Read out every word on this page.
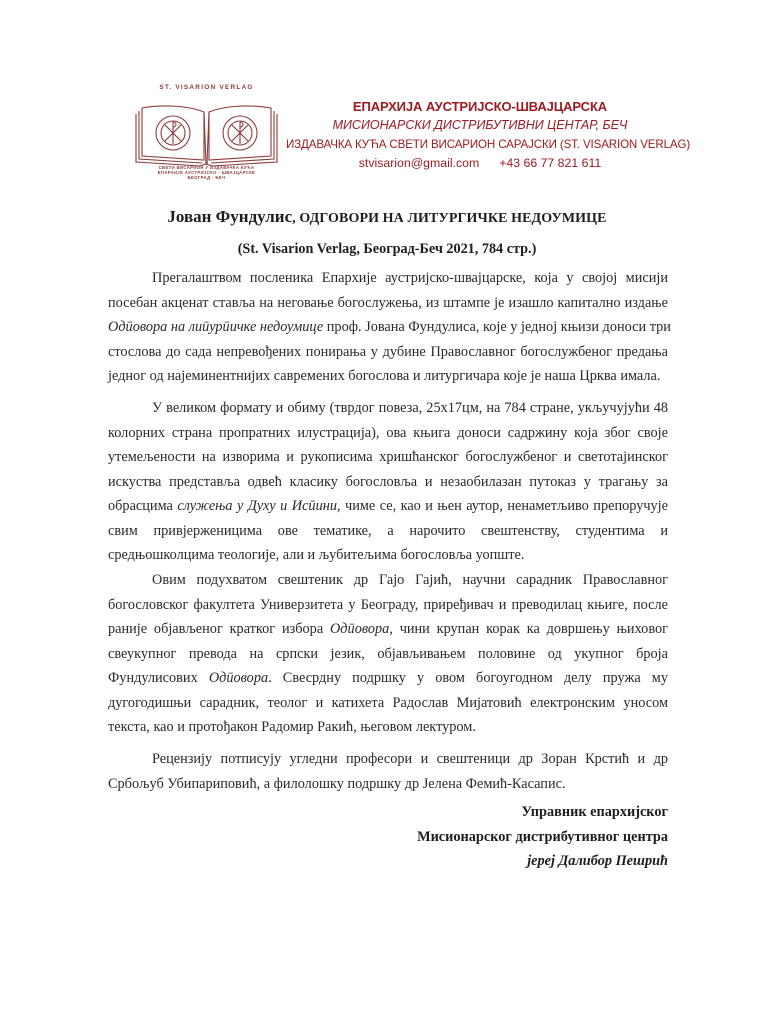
ST. VISARION VERLAG
СВЕТИ ВИСАРИОН У ИЗДАВАЧКА КУЋА
ЕПАРХИЈЕ АУСТРИЈСКО - ШВАЈЦАРСКЕ
БЕОГРАД - БЕЧ
ЕПАРХИЈА АУСТРИЈСКО-ШВАЈЦАРСКА
МИСИОНАРСКИ ДИСТРИБУТИВНИ ЦЕНТАР, БЕЧ
ИЗДАВАЧКА КУЋА СВЕТИ ВИСАРИОН САРАЈСКИ (ST. VISARION VERLAG)
stvisarion@gmail.com +43 66 77 821 611
Јован Фундулис, ОДГОВОРИ НА ЛИТУРГИЧКЕ НЕДОУМИЦЕ
(St. Visarion Verlag, Београд-Беч 2021, 784 стр.)
Прегалаштвом посленика Епархије аустријско-швајцарске, која у својој мисији
посебан акценат ставља на неговање богослужења, из штампе је изашло капитално издање
Одӣовора на лиӣурӣичке недоумице проф. Јована Фундулиса, које у једној књизи доноси три
стослова до сада непревођених понирања у дубине Православног богослужбеног предања
једног од најеминентнијих савремених богослова и литургичара које је наша Црква имала.
У великом формату и обиму (тврдог повеза, 25x17цм, на 784 стране, укључујући 48
колорних страна пропратних илустрација), ова књига доноси садржину која због своје
утемељености на изворима и рукописима хришћанског богослужбеног и светотајинског
искуства представља одвећ класику богословља и незаобилазан путоказ у трагању за
обрасцима служења у Духу и Исӣини, чиме се, као и њен аутор, ненаметљиво препоручује
свим привјерженицима ове тематике, а нарочито свештенству, студентима и
средњошколцима теологије, али и љубитељима богословља уопште.
Овим подухватом свештеник др Гајо Гајић, научни сарадник Православног
богословског факултета Универзитета у Београду, приређивач и преводилац књиге, после
раније објављеног кратког избора Одӣовора, чини крупан корак ка довршењу њиховог
свеукупног превода на српски језик, објављивањем половине од укупног броја
Фундулисових Одӣовора. Свесрдну подршку у овом богоугодном делу пружа му
дугогодишњи сарадник, теолог и катихета Радослав Мијатовић електронским уносом
текста, као и протођакон Радомир Ракић, његовом лектуром.
Рецензију потписују угледни професори и свештеници др Зоран Крстић и др
Србољуб Убипариповић, а филолошку подршку др Јелена Фемић-Касапис.
Управник епархијског
Мисионарског дистрибутивног центра
јереј Далибор Пешрић
